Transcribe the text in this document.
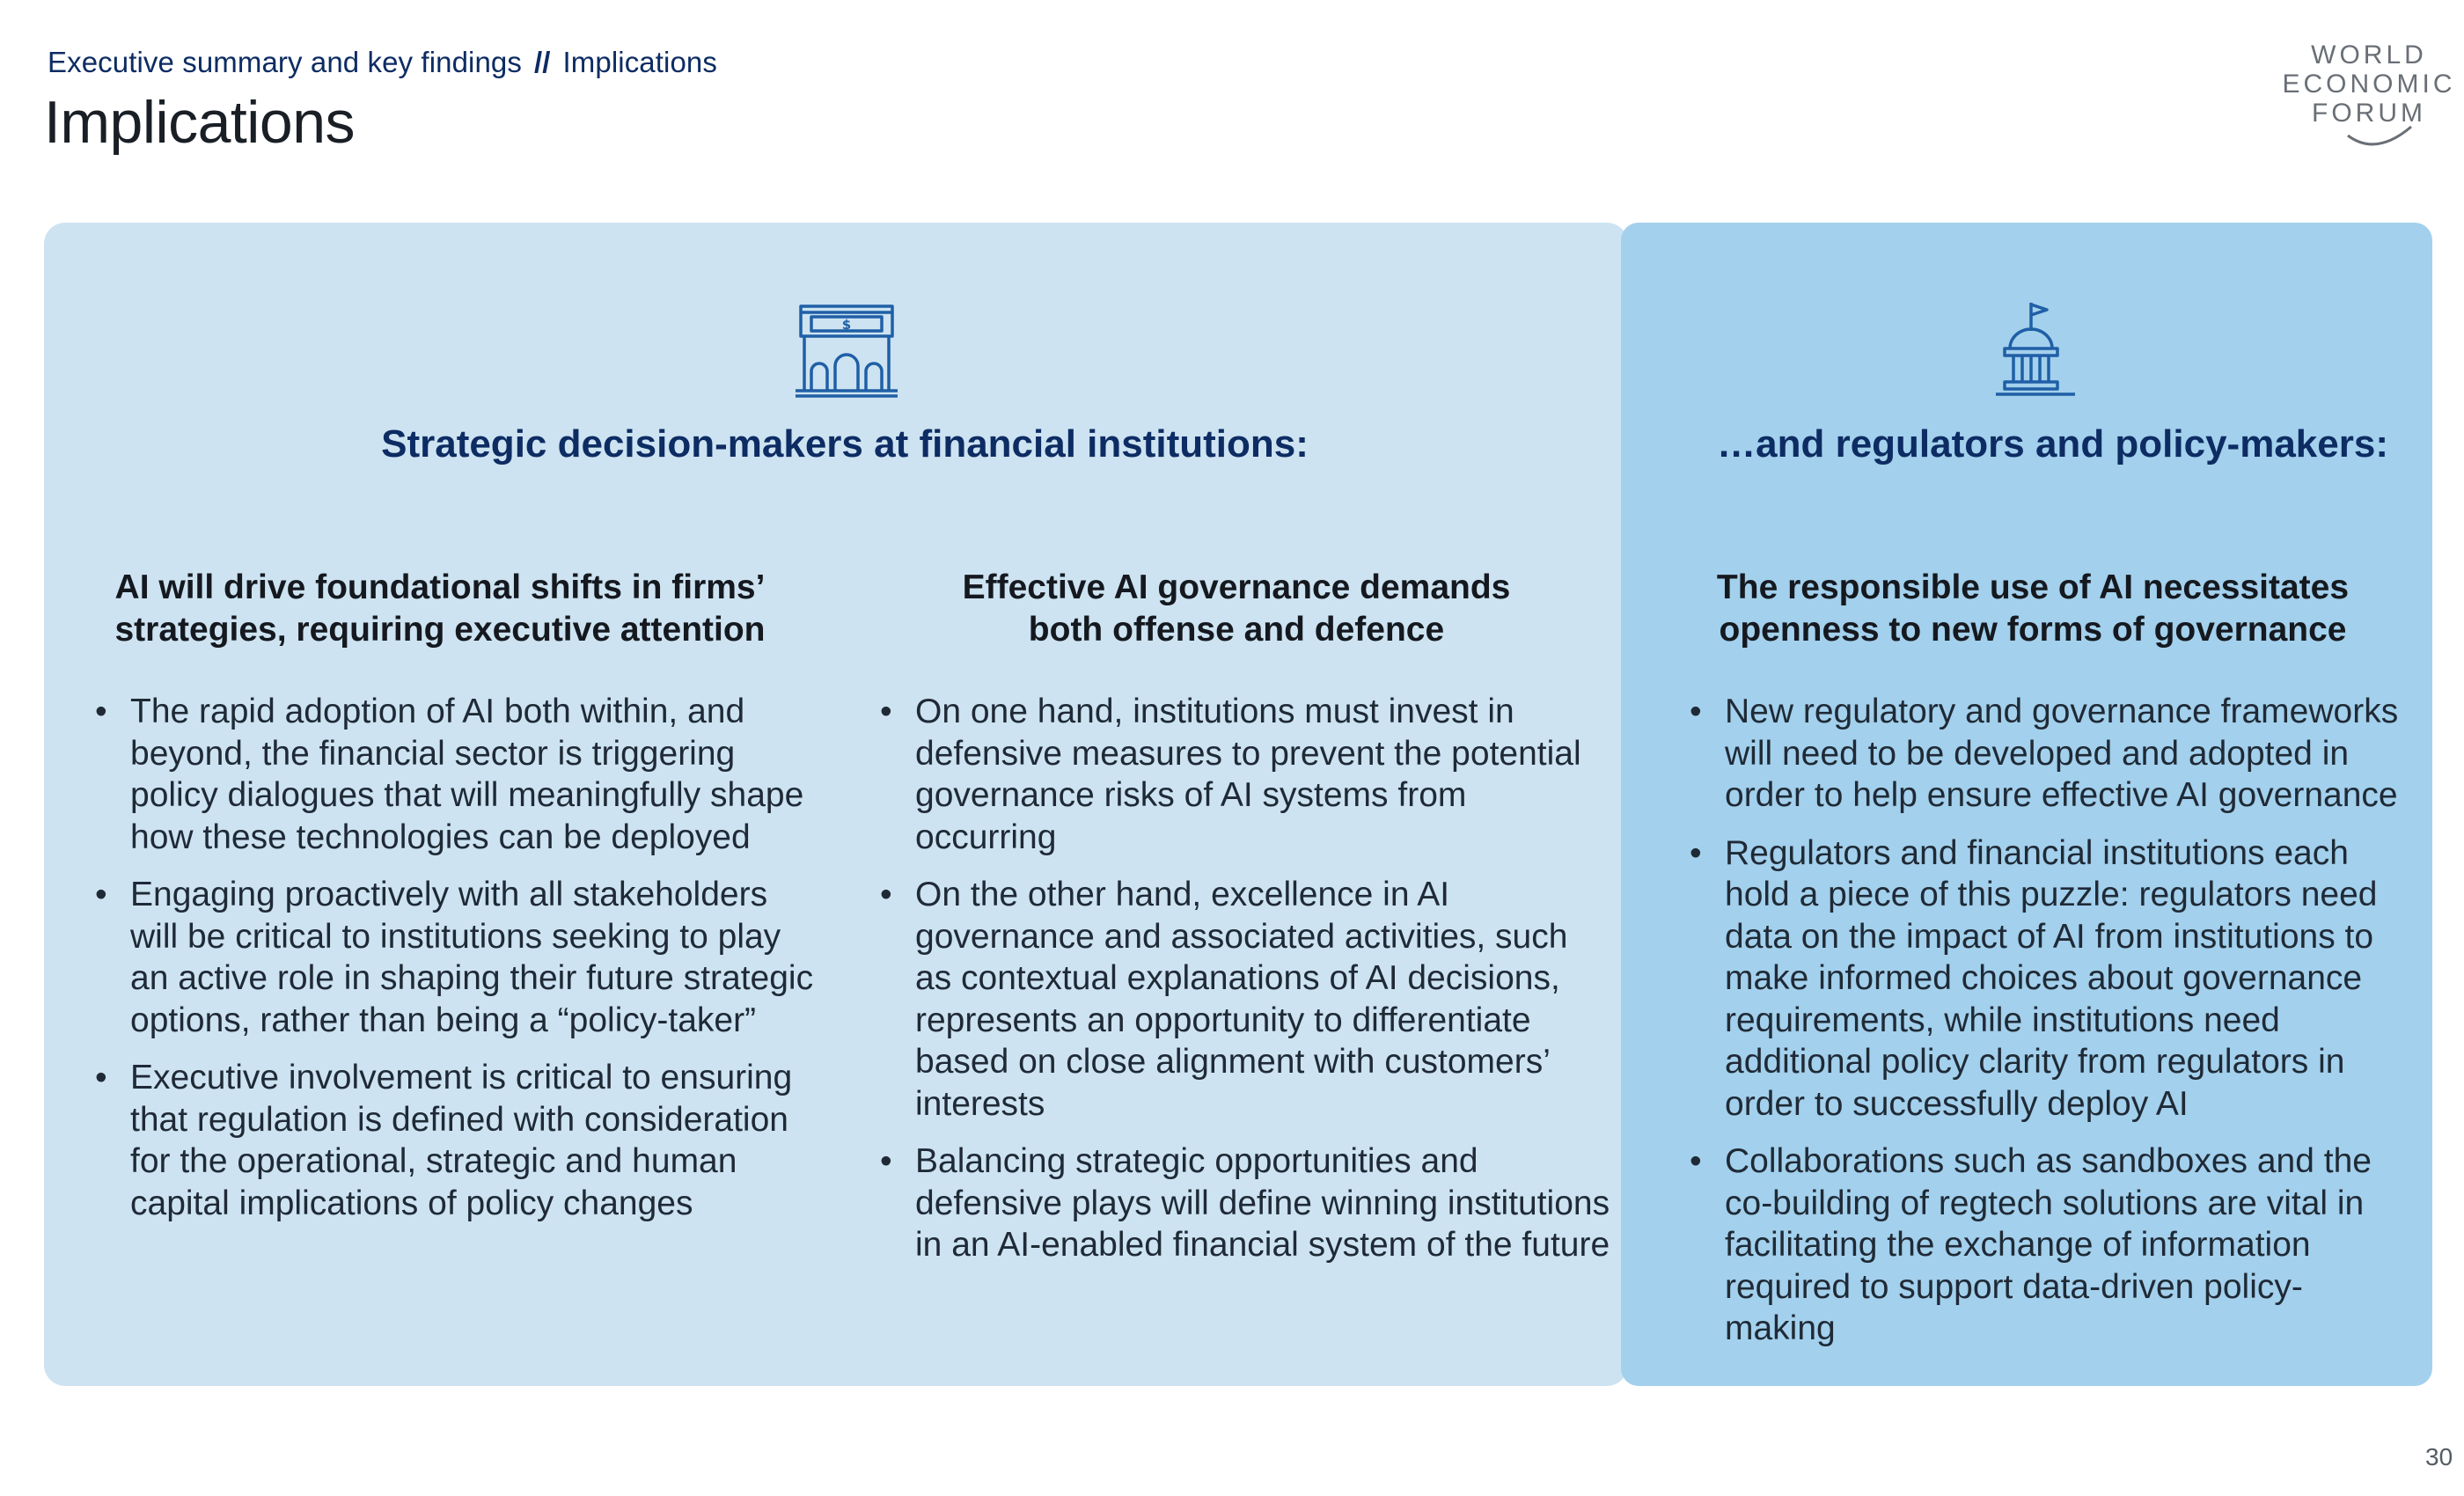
Executive summary and key findings // Implications
Implications
WORLD
ECONOMIC
FORUM
$
Strategic decision-makers at financial institutions:	…and regulators and policy-makers:
AI will drive foundational shifts in firms’
strategies, requiring executive attention
• The rapid adoption of AI both within, and beyond, the financial sector is triggering policy dialogues that will meaningfully shape how these technologies can be deployed
• Engaging proactively with all stakeholders will be critical to institutions seeking to play an active role in shaping their future strategic options, rather than being a “policy-taker”
• Executive involvement is critical to ensuring that regulation is defined with consideration for the operational, strategic and human capital implications of policy changes
Effective AI governance demands
both offense and defence
• On one hand, institutions must invest in defensive measures to prevent the potential governance risks of AI systems from occurring
• On the other hand, excellence in AI governance and associated activities, such as contextual explanations of AI decisions, represents an opportunity to differentiate based on close alignment with customers’ interests
• Balancing strategic opportunities and defensive plays will define winning institutions in an AI-enabled financial system of the future
The responsible use of AI necessitates
openness to new forms of governance
• New regulatory and governance frameworks will need to be developed and adopted in order to help ensure effective AI governance
• Regulators and financial institutions each hold a piece of this puzzle: regulators need data on the impact of AI from institutions to make informed choices about governance requirements, while institutions need additional policy clarity from regulators in order to successfully deploy AI
• Collaborations such as sandboxes and the co-building of regtech solutions are vital in facilitating the exchange of information required to support data-driven policy-making
30
